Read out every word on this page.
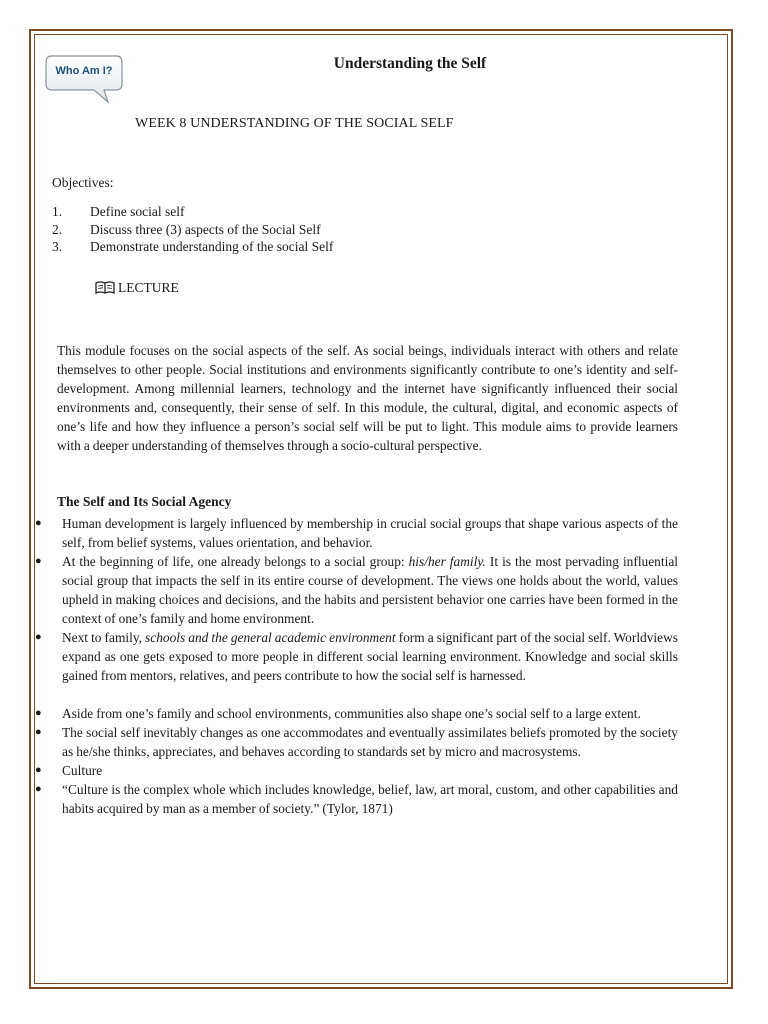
Who Am I?	Understanding the Self
WEEK 8 UNDERSTANDING OF THE SOCIAL SELF
Objectives:
1.	Define social self
2.	Discuss three (3) aspects of the Social Self
3.	Demonstrate understanding of the social Self
LECTURE

This module focuses on the social aspects of the self. As social beings, individuals interact with others and relate themselves to other people. Social institutions and environments significantly contribute to one’s identity and self-development. Among millennial learners, technology and the internet have significantly influenced their social environments and, consequently, their sense of self. In this module, the cultural, digital, and economic aspects of one’s life and how they influence a person’s social self will be put to light. This module aims to provide learners with a deeper understanding of themselves through a socio-cultural perspective.

The Self and Its Social Agency
●	Human development is largely influenced by membership in crucial social groups that shape various aspects of the self, from belief systems, values orientation, and behavior.
●	At the beginning of life, one already belongs to a social group: his/her family. It is the most pervading influential social group that impacts the self in its entire course of development. The views one holds about the world, values upheld in making choices and decisions, and the habits and persistent behavior one carries have been formed in the context of one’s family and home environment.
●	Next to family, schools and the general academic environment form a significant part of the social self. Worldviews expand as one gets exposed to more people in different social learning environment. Knowledge and social skills gained from mentors, relatives, and peers contribute to how the social self is harnessed.
●	Aside from one’s family and school environments, communities also shape one’s social self to a large extent.
●	The social self inevitably changes as one accommodates and eventually assimilates beliefs promoted by the society as he/she thinks, appreciates, and behaves according to standards set by micro and macrosystems.
●	Culture
●	“Culture is the complex whole which includes knowledge, belief, law, art moral, custom, and other capabilities and habits acquired by man as a member of society.” (Tylor, 1871)
